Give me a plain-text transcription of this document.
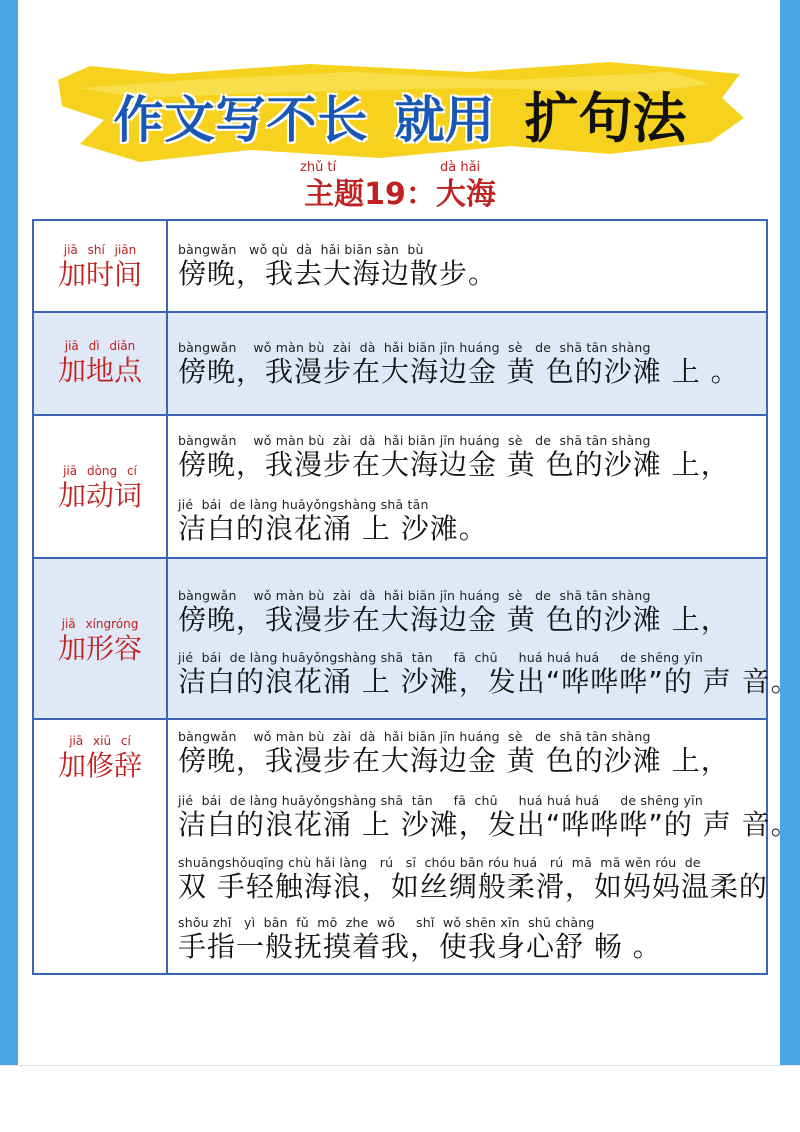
作文写不长 就用 扩句法
zhǔ tí	dà hǎi
主题19：大海
jiā shí jiān
加时间
bàngwǎn   wǒ qù  dà  hǎi biān sàn  bù
傍晚，我去大海边散步。
jiā dì diǎn
加地点
bàngwǎn    wǒ màn bù  zài  dà  hǎi biān jīn huáng  sè   de  shā tān shàng
傍晚，我漫步在大海边金 黄 色的沙滩 上 。
jiā dòng cí
加动词
bàngwǎn    wǒ màn bù  zài  dà  hǎi biān jīn huáng  sè   de  shā tān shàng
傍晚，我漫步在大海边金 黄 色的沙滩 上，
jié  bái  de làng huāyǒngshàng shā tān
洁白的浪花涌 上 沙滩。
jiā xíngróng
加形容
bàngwǎn    wǒ màn bù  zài  dà  hǎi biān jīn huáng  sè   de  shā tān shàng
傍晚，我漫步在大海边金 黄 色的沙滩 上，
jié  bái  de làng huāyǒngshàng shā  tān     fā  chū     huá huá huá     de shēng yīn
洁白的浪花涌 上 沙滩，发出“哗哗哗”的 声 音。
jiā xiū cí
加修辞
bàngwǎn    wǒ màn bù  zài  dà  hǎi biān jīn huáng  sè   de  shā tān shàng
傍晚，我漫步在大海边金 黄 色的沙滩 上，
jié  bái  de làng huāyǒngshàng shā  tān     fā  chū     huá huá huá     de shēng yīn
洁白的浪花涌 上 沙滩，发出“哗哗哗”的 声 音。
shuāngshǒuqīng chù hǎi làng   rú   sī  chóu bān róu huá   rú  mā  mā wēn róu  de
双 手轻触海浪，如丝绸般柔滑，如妈妈温柔的
shǒu zhǐ   yì  bān  fǔ  mō  zhe  wǒ     shǐ  wǒ shēn xīn  shū chàng
手指一般抚摸着我，使我身心舒 畅 。
